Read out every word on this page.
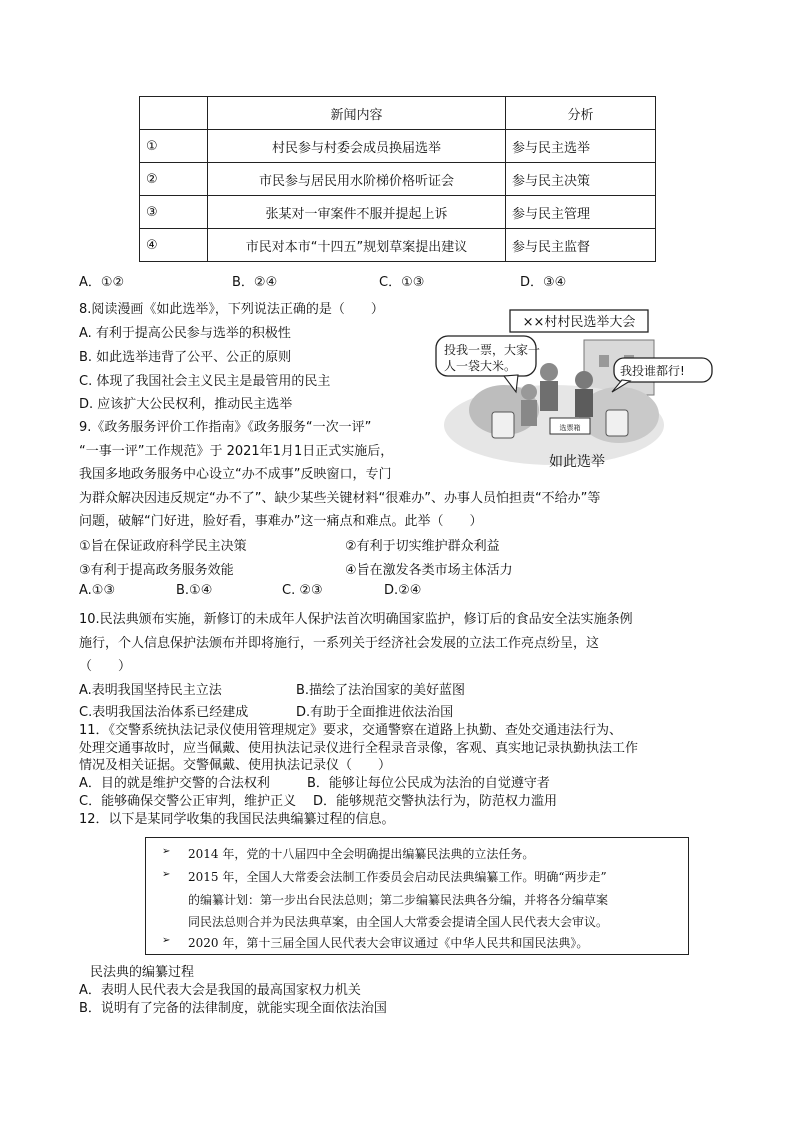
	新闻内容	分析
①	村民参与村委会成员换届选举	参与民主选举
②	市民参与居民用水阶梯价格听证会	参与民主决策
③	张某对一审案件不服并提起上诉	参与民主管理
④	市民对本市“十四五”规划草案提出建议	参与民主监督
A．①②	B．②④	C．①③	D．③④
8.阅读漫画《如此选举》，下列说法正确的是（　　）
A. 有利于提高公民参与选举的积极性
B. 如此选举违背了公平、公正的原则
C. 体现了我国社会主义民主是最管用的民主
D. 应该扩大公民权利，推动民主选举
××村村民选举大会
选票箱
投我一票，大家一
人一袋大米。	我投谁都行!
如此选举
9.《政务服务评价工作指南》《政务服务“一次一评”
“一事一评”工作规范》于 2021年1月1日正式实施后，
我国多地政务服务中心设立“办不成事”反映窗口，专门
为群众解决因违反规定“办不了”、缺少某些关键材料“很难办”、办事人员怕担责“不给办”等
问题，破解“门好进，脸好看，事难办”这一痛点和难点。此举（　　）
①旨在保证政府科学民主决策	②有利于切实维护群众利益
③有利于提高政务服务效能	④旨在激发各类市场主体活力
A.①③	B.①④	C. ②③	D.②④
10.民法典颁布实施，新修订的未成年人保护法首次明确国家监护，修订后的食品安全法实施条例
施行，个人信息保护法颁布并即将施行，一系列关于经济社会发展的立法工作亮点纷呈，这
（　　）
A.表明我国坚持民主立法	B.描绘了法治国家的美好蓝图
C.表明我国法治体系已经建成	D.有助于全面推进依法治国
11．《交警系统执法记录仪使用管理规定》要求，交通警察在道路上执勤、查处交通违法行为、
处理交通事故时，应当佩戴、使用执法记录仪进行全程录音录像，客观、真实地记录执勤执法工作
情况及相关证据。交警佩戴、使用执法记录仪（　　）
A．目的就是维护交警的合法权利	B．能够让每位公民成为法治的自觉遵守者
C．能够确保交警公正审判，维护正义 D．能够规范交警执法行为，防范权力滥用
12．以下是某同学收集的我国民法典编纂过程的信息。
➢ 2014 年，党的十八届四中全会明确提出编纂民法典的立法任务。
➢ 2015 年，全国人大常委会法制工作委员会启动民法典编纂工作。明确“两步走”
的编纂计划：第一步出台民法总则；第二步编纂民法典各分编，并将各分编草案
同民法总则合并为民法典草案，由全国人大常委会提请全国人民代表大会审议。
➢ 2020 年，第十三届全国人民代表大会审议通过《中华人民共和国民法典》。
民法典的编纂过程
A．表明人民代表大会是我国的最高国家权力机关
B．说明有了完备的法律制度，就能实现全面依法治国
